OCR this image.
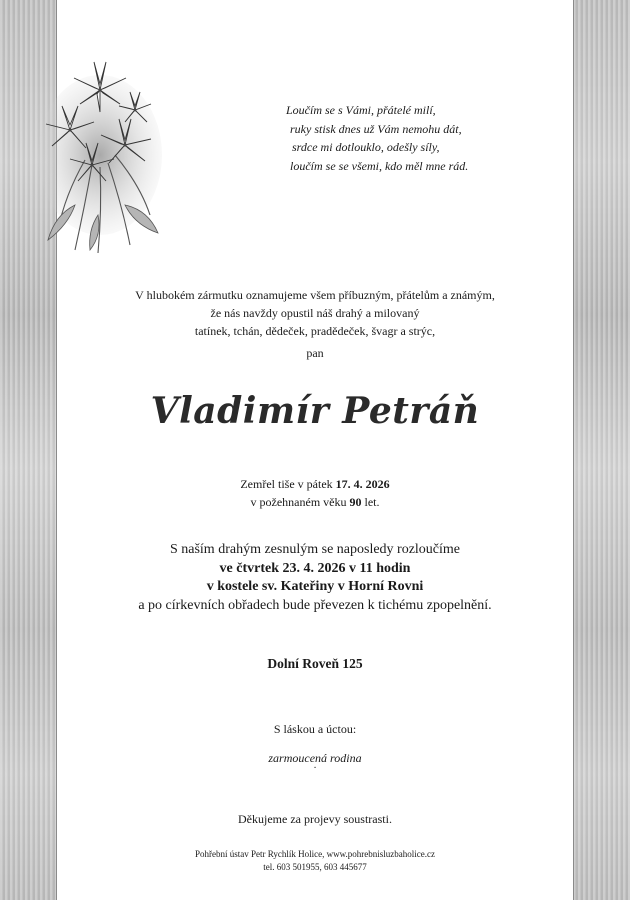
Loučím se s Vámi, přátelé milí,
ruky stisk dnes už Vám nemohu dát,
srdce mi dotlouklo, odešly síly,
loučím se se všemi, kdo měl mne rád.
V hlubokém zármutku oznamujeme všem příbuzným, přátelům a známým,
že nás navždy opustil náš drahý a milovaný
tatínek, tchán, dědeček, pradědeček, švagr a strýc,
pan
Vladimír Petráň
Zemřel tiše v pátek 17. 4. 2026
v požehnaném věku 90 let.
S naším drahým zesnulým se naposledy rozloučíme
ve čtvrtek 23. 4. 2026 v 11 hodin
v kostele sv. Kateřiny v Horní Rovni
a po církevních obřadech bude převezen k tichému zpopelnění.
Dolní Roveň 125
S láskou a úctou:
zarmoucená rodina
·
Děkujeme za projevy soustrasti.
Pohřební ústav Petr Rychlík Holice, www.pohrebnisluzbaholice.cz
tel. 603 501955, 603 445677
